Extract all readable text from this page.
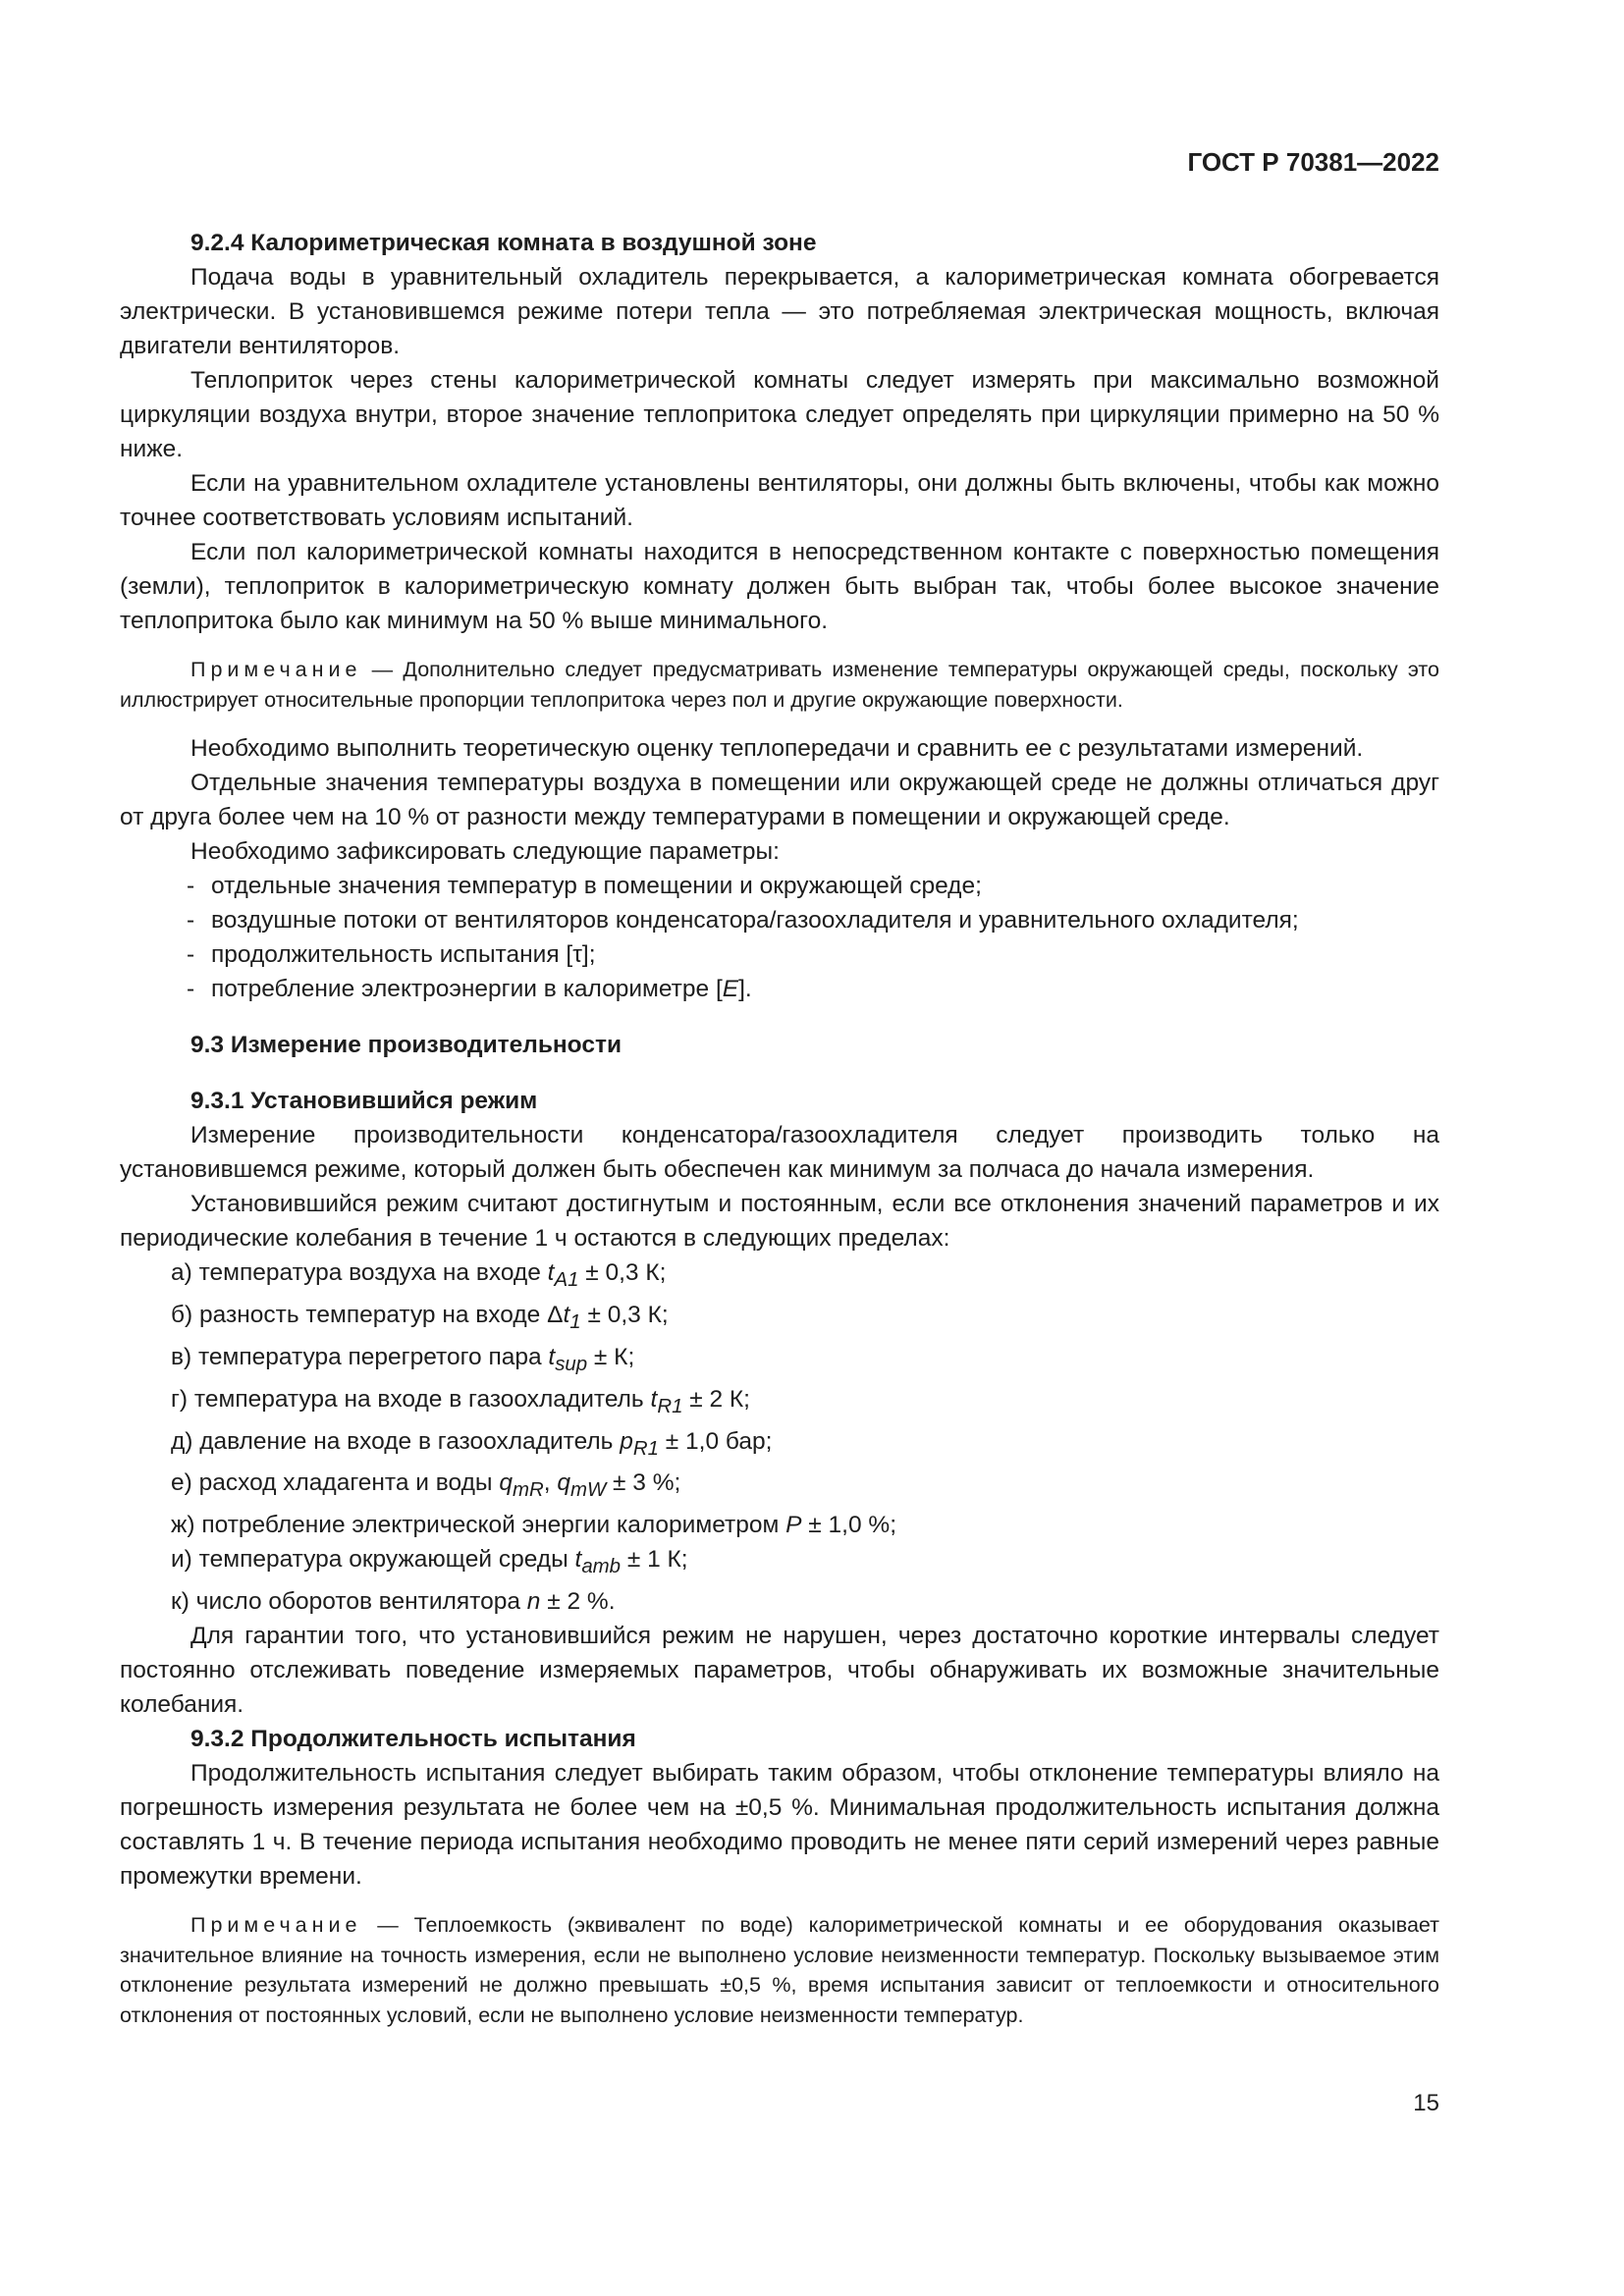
ГОСТ Р 70381—2022

9.2.4 Калориметрическая комната в воздушной зоне

Подача воды в уравнительный охладитель перекрывается, а калориметрическая комната обогревается электрически. В установившемся режиме потери тепла — это потребляемая электрическая мощность, включая двигатели вентиляторов.

Теплоприток через стены калориметрической комнаты следует измерять при максимально возможной циркуляции воздуха внутри, второе значение теплопритока следует определять при циркуляции примерно на 50 % ниже.

Если на уравнительном охладителе установлены вентиляторы, они должны быть включены, чтобы как можно точнее соответствовать условиям испытаний.

Если пол калориметрической комнаты находится в непосредственном контакте с поверхностью помещения (земли), теплоприток в калориметрическую комнату должен быть выбран так, чтобы более высокое значение теплопритока было как минимум на 50 % выше минимального.

Примечание — Дополнительно следует предусматривать изменение температуры окружающей среды, поскольку это иллюстрирует относительные пропорции теплопритока через пол и другие окружающие поверхности.

Необходимо выполнить теоретическую оценку теплопередачи и сравнить ее с результатами измерений.

Отдельные значения температуры воздуха в помещении или окружающей среде не должны отличаться друг от друга более чем на 10 % от разности между температурами в помещении и окружающей среде.

Необходимо зафиксировать следующие параметры:

- отдельные значения температур в помещении и окружающей среде;

- воздушные потоки от вентиляторов конденсатора/газоохладителя и уравнительного охладителя;

- продолжительность испытания [τ];

- потребление электроэнергии в калориметре [E].

9.3 Измерение производительности

9.3.1 Установившийся режим

Измерение производительности конденсатора/газоохладителя следует производить только на установившемся режиме, который должен быть обеспечен как минимум за полчаса до начала измерения.

Установившийся режим считают достигнутым и постоянным, если все отклонения значений параметров и их периодические колебания в течение 1 ч остаются в следующих пределах:

а) температура воздуха на входе $t_{A1} \pm 0,3$ К;

б) разность температур на входе $\Delta t_1 \pm 0,3$ К;

в) температура перегретого пара $t_{sup} \pm К$;

г) температура на входе в газоохладитель $t_{R1} \pm 2$ К;

д) давление на входе в газоохладитель $p_{R1} \pm 1,0$ бар;

е) расход хладагента и воды $q_{mR}$, $q_{mW} \pm 3$ %;

ж) потребление электрической энергии калориметром P ± 1,0 %;

и) температура окружающей среды $t_{amb} \pm 1$ К;

к) число оборотов вентилятора n ± 2 %.

Для гарантии того, что установившийся режим не нарушен, через достаточно короткие интервалы следует постоянно отслеживать поведение измеряемых параметров, чтобы обнаруживать их возможные значительные колебания.

9.3.2 Продолжительность испытания

Продолжительность испытания следует выбирать таким образом, чтобы отклонение температуры влияло на погрешность измерения результата не более чем на ±0,5 %. Минимальная продолжительность испытания должна составлять 1 ч. В течение периода испытания необходимо проводить не менее пяти серий измерений через равные промежутки времени.

Примечание — Теплоемкость (эквивалент по воде) калориметрической комнаты и ее оборудования оказывает значительное влияние на точность измерения, если не выполнено условие неизменности температур. Поскольку вызываемое этим отклонение результата измерений не должно превышать ±0,5 %, время испытания зависит от теплоемкости и относительного отклонения от постоянных условий, если не выполнено условие неизменности температур.

15
